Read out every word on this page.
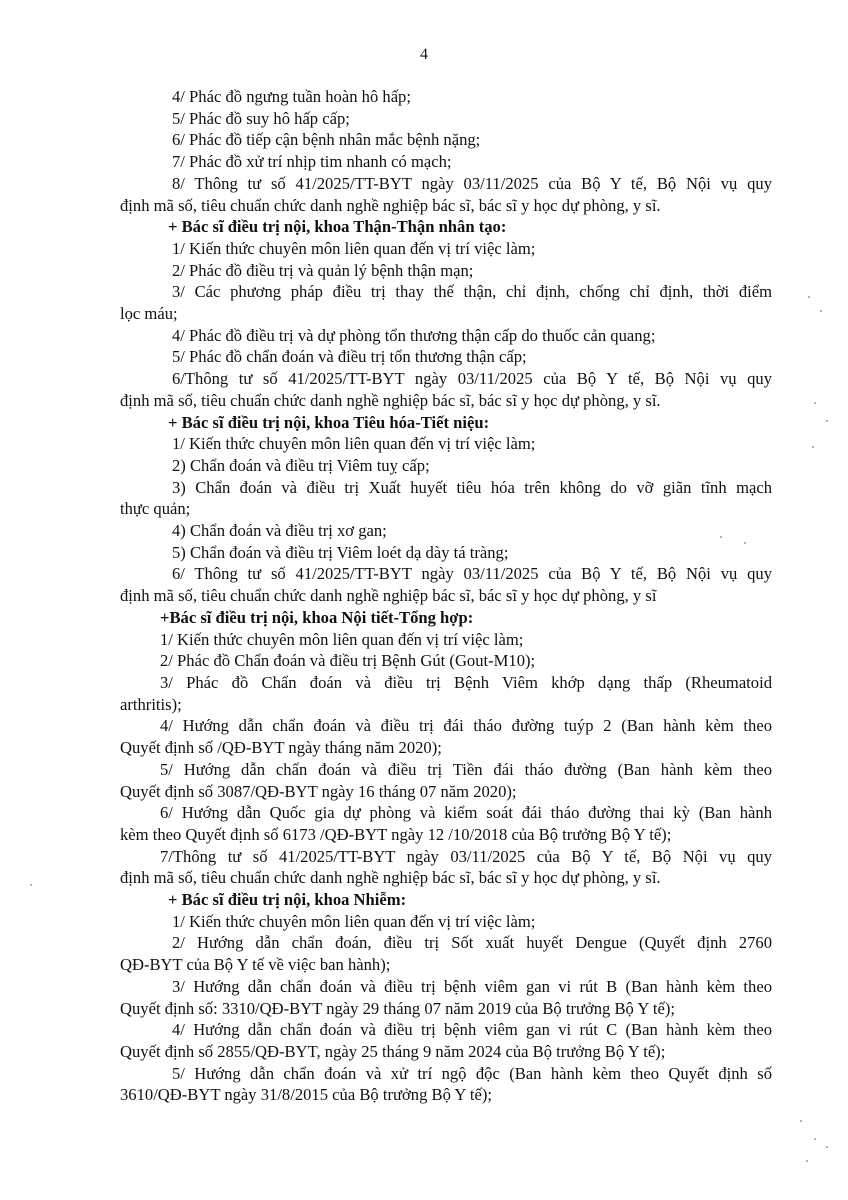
4
4/ Phác đồ ngưng tuần hoàn hô hấp;
5/ Phác đồ suy hô hấp cấp;
6/ Phác đồ tiếp cận bệnh nhân mắc bệnh nặng;
7/ Phác đồ xử trí nhịp tim nhanh có mạch;
8/ Thông tư số 41/2025/TT-BYT ngày 03/11/2025 của Bộ Y tế, Bộ Nội vụ quy
định mã số, tiêu chuẩn chức danh nghề nghiệp bác sĩ, bác sĩ y học dự phòng, y sĩ.
+ Bác sĩ điều trị nội, khoa Thận-Thận nhân tạo:
1/ Kiến thức chuyên môn liên quan đến vị trí việc làm;
2/ Phác đồ điều trị và quản lý bệnh thận mạn;
3/ Các phương pháp điều trị thay thế thận, chỉ định, chống chỉ định, thời điểm
lọc máu;
4/ Phác đồ điều trị và dự phòng tổn thương thận cấp do thuốc cản quang;
5/ Phác đồ chẩn đoán và điều trị tổn thương thận cấp;
6/Thông tư số 41/2025/TT-BYT ngày 03/11/2025 của Bộ Y tế, Bộ Nội vụ quy
định mã số, tiêu chuẩn chức danh nghề nghiệp bác sĩ, bác sĩ y học dự phòng, y sĩ.
+ Bác sĩ điều trị nội, khoa Tiêu hóa-Tiết niệu:
1/ Kiến thức chuyên môn liên quan đến vị trí việc làm;
2) Chẩn đoán và điều trị Viêm tuỵ cấp;
3) Chẩn đoán và điều trị Xuất huyết tiêu hóa trên không do vỡ giãn tĩnh mạch
thực quản;
4) Chẩn đoán và điều trị xơ gan;
5) Chẩn đoán và điều trị Viêm loét dạ dày tá tràng;
6/ Thông tư số 41/2025/TT-BYT ngày 03/11/2025 của Bộ Y tế, Bộ Nội vụ quy
định mã số, tiêu chuẩn chức danh nghề nghiệp bác sĩ, bác sĩ y học dự phòng, y sĩ
+Bác sĩ điều trị nội, khoa Nội tiết-Tổng hợp:
1/ Kiến thức chuyên môn liên quan đến vị trí việc làm;
2/ Phác đồ Chẩn đoán và điều trị Bệnh Gút (Gout-M10);
3/ Phác đồ Chẩn đoán và điều trị Bệnh Viêm khớp dạng thấp (Rheumatoid
arthritis);
4/ Hướng dẫn chẩn đoán và điều trị đái tháo đường tuýp 2 (Ban hành kèm theo
Quyết định số /QĐ-BYT ngày tháng năm 2020);
5/ Hướng dẫn chẩn đoán và điều trị Tiền đái tháo đường (Ban hành kèm theo
Quyết định số 3087/QĐ-BYT ngày 16 tháng 07 năm 2020);
6/ Hướng dẫn Quốc gia dự phòng và kiểm soát đái tháo đường thai kỳ (Ban hành
kèm theo Quyết định số 6173 /QĐ-BYT ngày 12 /10/2018 của Bộ trưởng Bộ Y tế);
7/Thông tư số 41/2025/TT-BYT ngày 03/11/2025 của Bộ Y tế, Bộ Nội vụ quy
định mã số, tiêu chuẩn chức danh nghề nghiệp bác sĩ, bác sĩ y học dự phòng, y sĩ.
+ Bác sĩ điều trị nội, khoa Nhiễm:
1/ Kiến thức chuyên môn liên quan đến vị trí việc làm;
2/ Hướng dẫn chẩn đoán, điều trị Sốt xuất huyết Dengue (Quyết định 2760
QĐ-BYT của Bộ Y tế về việc ban hành);
3/ Hướng dẫn chẩn đoán và điều trị bệnh viêm gan vi rút B (Ban hành kèm theo
Quyết định số: 3310/QĐ-BYT ngày 29 tháng 07 năm 2019 của Bộ trưởng Bộ Y tế);
4/ Hướng dẫn chẩn đoán và điều trị bệnh viêm gan vi rút C (Ban hành kèm theo
Quyết định số 2855/QĐ-BYT, ngày 25 tháng 9 năm 2024 của Bộ trưởng Bộ Y tế);
5/ Hướng dẫn chẩn đoán và xử trí ngộ độc (Ban hành kèm theo Quyết định số
3610/QĐ-BYT ngày 31/8/2015 của Bộ trưởng Bộ Y tế);
